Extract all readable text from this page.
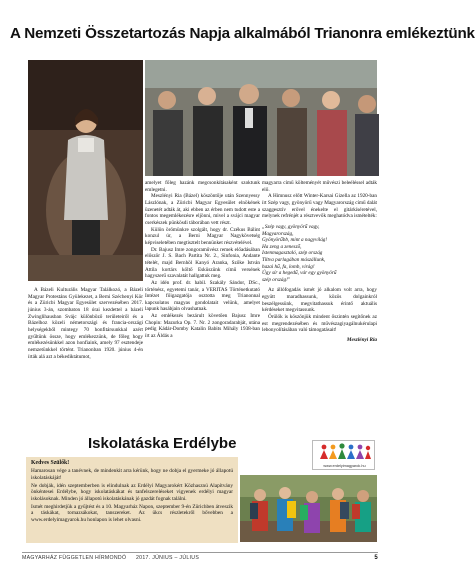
A Nemzeti Összetartozás Napja alkalmából Trianonra emlékeztünk

A Bázeli Kulturális Magyar Találkozó, a Bázeli Magyar Protestáns Gyülekezet, a Berni Széchenyi Kör és a Züricbi Magyar Egyesület szervezésében 2017. június 3-án, szombaton 18 órai kezdettel a bázeli Zwinglihausban Svájc különböző területeiről és a Bázelhoz közeli németországi és francia-országi helységekből mintegy 70 honfitársunkkal azért gyűltünk össze, hogy emlékezzünk, de főleg hogy emlékezésünkkel azon honfiaink, amely 97 esztendeje nemzetünkkel történt. Trianonban 1920. június 4-én írták alá azt a békediktátumot,

amelyet főleg hazánk megcsonkításaként szoktunk emlegetni.

Meszlényi Ria (Bázel) köszöntője után Szennyessy Lászlónak, a Züricbi Magyar Egyesület elnökének üzenetét adták át, aki ebben az érben nem tudott este a fontos megemlékezésre eljönni, mivel a svájci magyar cserkészek pünkösdi táborában vett részt.

Külön örömünkre szolgált, hogy dr. Czékus Bálint konzul úr, a Berni Magyar Nagykövetség képviseletében megtisztelt bennünket részvételével.

Dr. Bajusz Imre zongoraművész remek előadásában először J. S. Bach Partita Nr. 2., Sinfonia, Andante tételét, majd Bernhöl Kanyó Aranka, Szőke István Attila kortárs költő Esküszünk című versének hagyszerű szavalatát hallgattuk meg.

Az idén prof. dr. habil. Szakály Sándor, DSc., történész, egyetemi tanár, a VERITAS Történetkutató Intézet főigazgatója osztotta meg Trianonnal kapcsolatos magyas gondolatait velünk, amelyet lapunk hasábjain olvashatnak.

Az emlékezés bezárult követően Bajusz Imre Chopin: Mazurka Op. 7. Nr. 2 zongoradarabját, utána pedig Kádár-Domby Katalin Babits Mihály 1938-ban írt az Áldás a

magyarra című költeményét művészi beleéléssel adták elő.

A Himnusz előtt Winter-Karsai Gizella az 1920-ban írt Szép vagy, gyönyörű vagy Magyarország című dalát szaggesztív erővel énekelte el gitárkíséretével, melynek refrénjét a résztvevők meghatódva ismételték:

„Szép vagy, gyönyörű vagy,
Magyarország,
Gyönyörűbb, mint a nagyvilág!
Ha zeng a zenesző,
Istenmagasztaló, szép ország
Tiltva parlagában mászállunk,
hazai hű, fa, lomb, virág!
Úgy sír a hegedű, vár egy gyönyörű
szép ország!"

Az állófogadás ismét jó alkalom volt arra, hogy együtt maradhassunk, közös dolgainkról beszélgessünk, megvitathassuk érintő aktuális kérdéseket megvitassunk.

Örülök is köszönjük mindent őszintén segítőnek az est megrendezésében és művészagiyagálnukérulapi lebonyolításában való támogatásait!

Meszlényi Ria
Iskolatáska Erdélybe
www.erdelyimagyarok.hu
Kedves Szülők!

Hamarosan vége a tanévnek, de mindenkit arra kérünk, hogy ne dobja el gyermeke jó állapotú iskolatáskáját!

Ne dobják, idén szeptemberben is elindulnak az Erdélyi Magyarokért Közhasznú Alapítvány önkéntesei Erdélybe, hogy iskolatáskákat és tanfelszereléseket vigyenek erdélyi magyar iskolásoknak. Minden jó állapotú iskolatáskának jó gazdát fognak találni.

Ismét meghirdetjük a gyűjtést és a 10. Magyarház Napon, szeptember 9-én Zürichben átveszik a táskákat, tornazsákokat, tanszereket. Az ükcs részletekről bővebben a www.erdelyimagyarok.hu honlapon is lehet olvasni.

MAGYARHÁZ FÜGGETLEN HÍRMONDÓ 2017. JÚNIUS – JÚLIUS	5
